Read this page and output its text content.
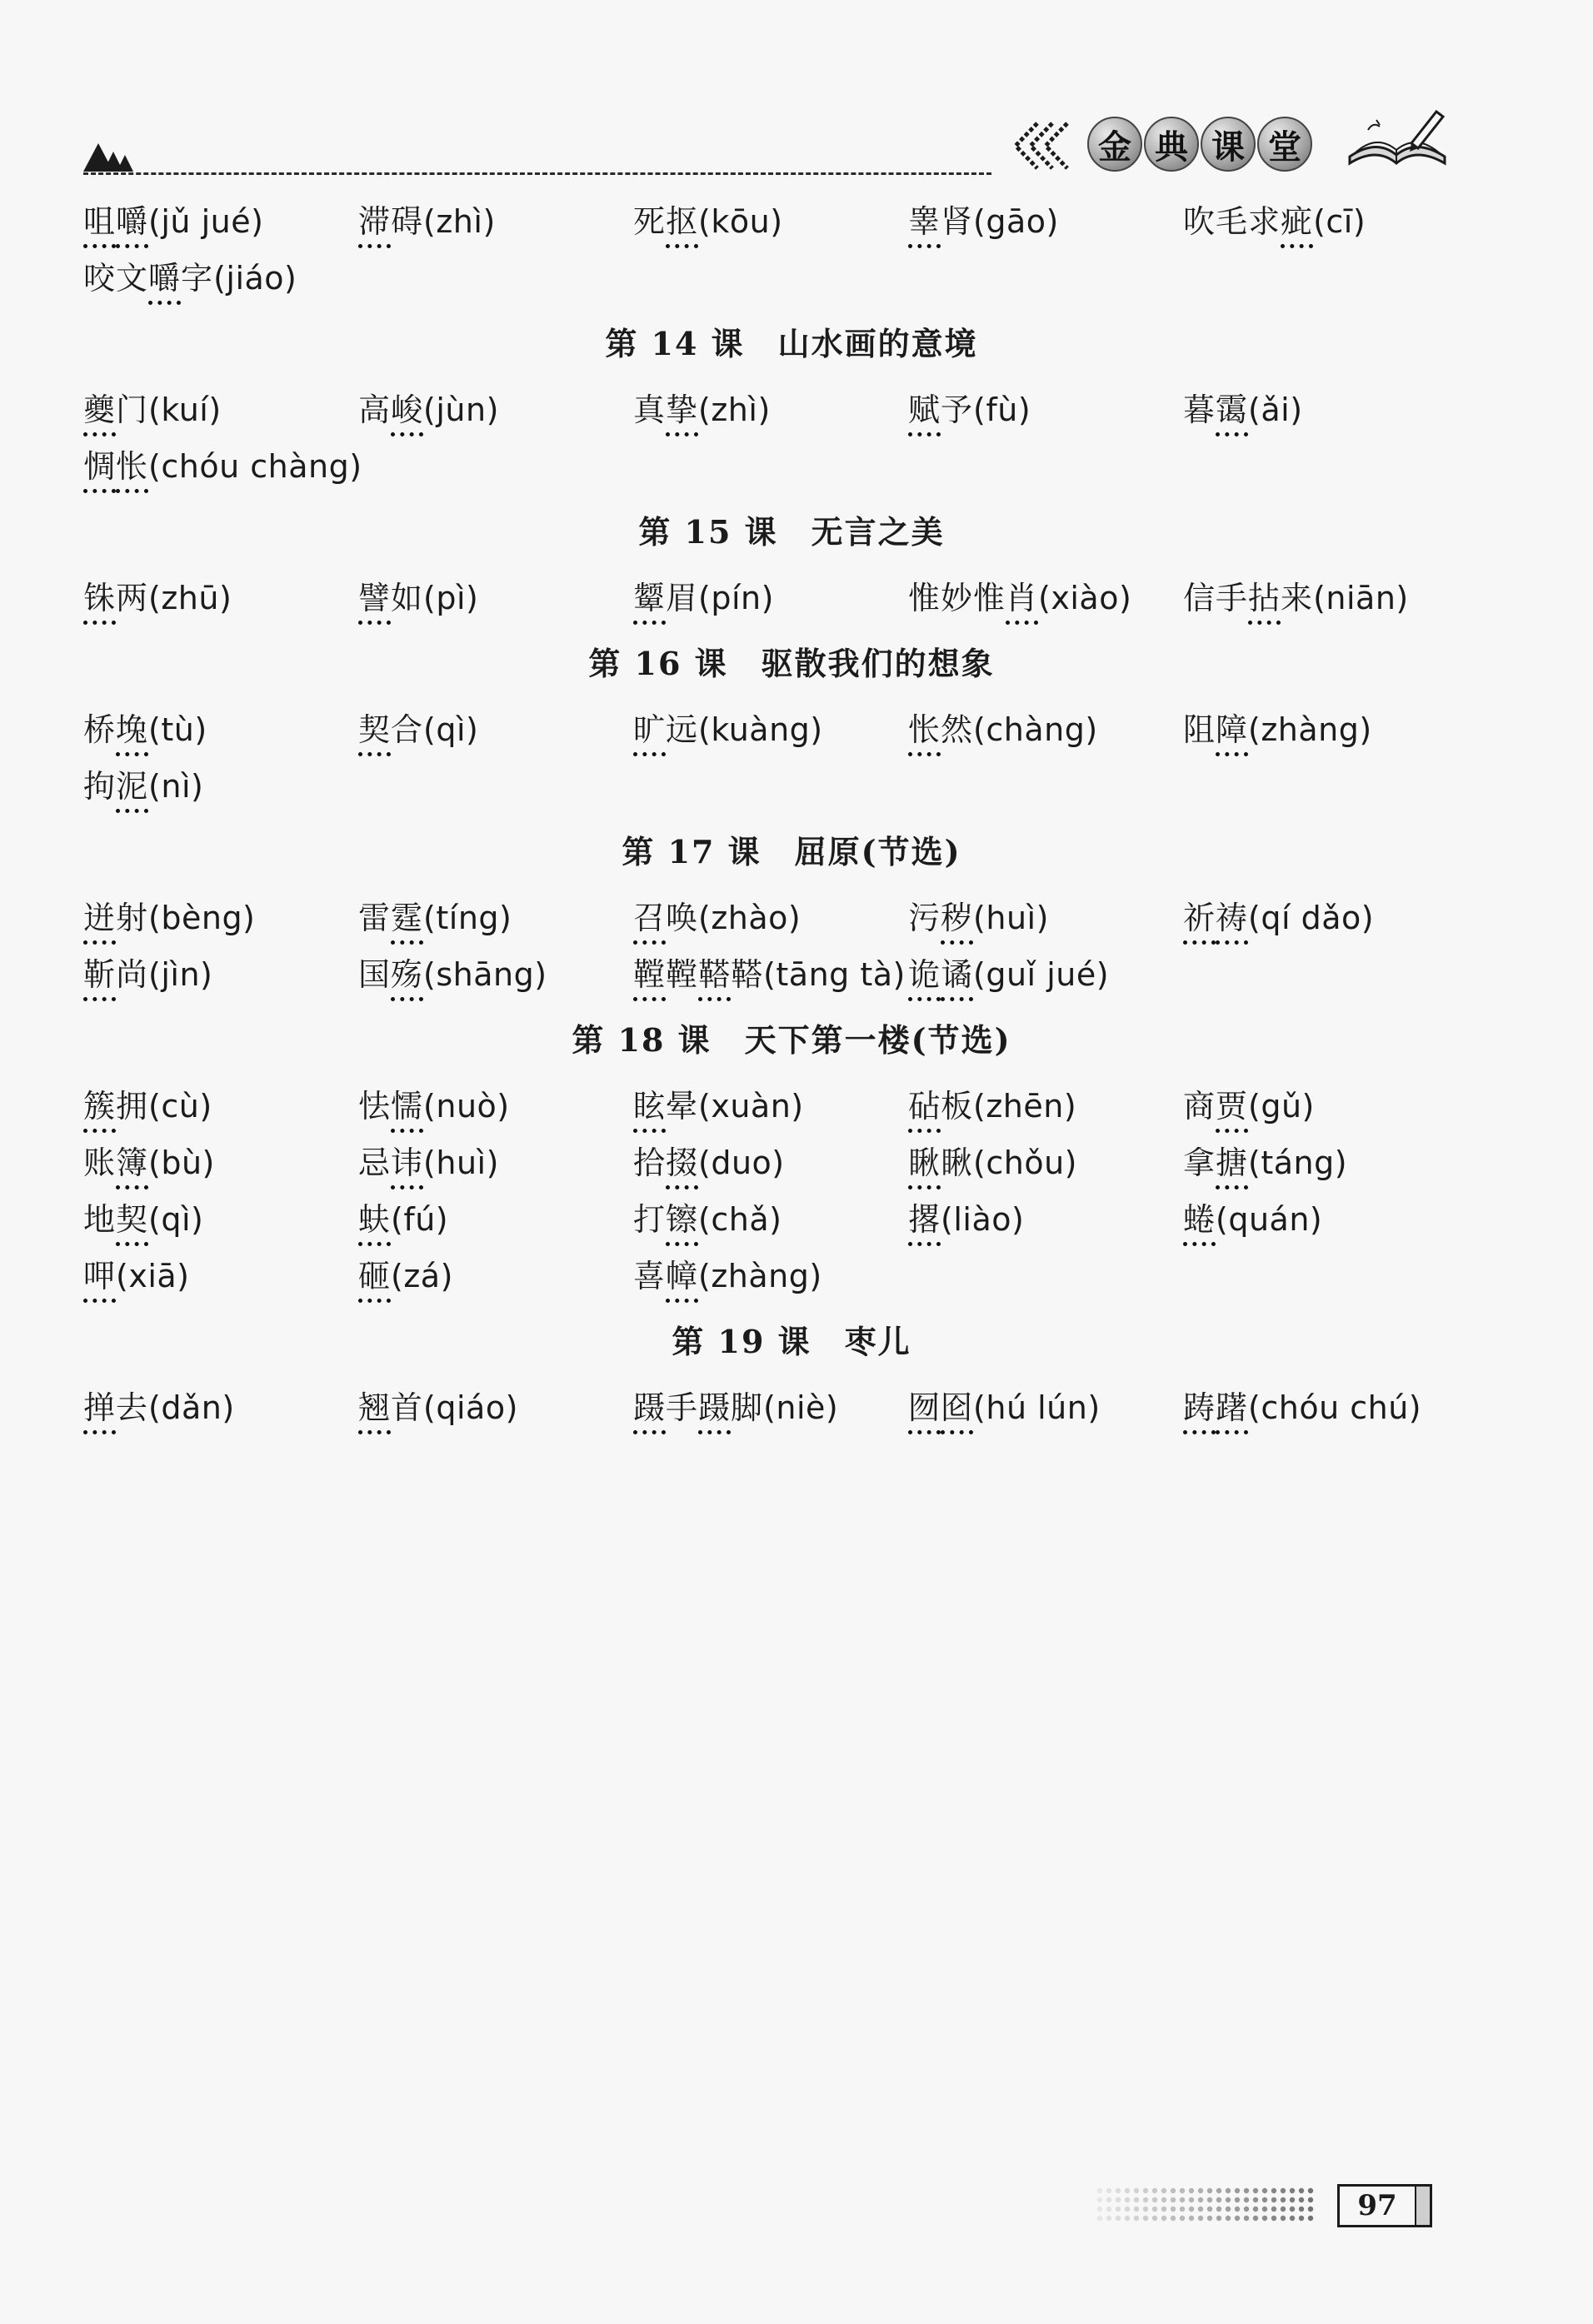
金 典 课 堂
咀嚼(jǔ jué)	滞碍(zhì)	死抠(kōu)	睾肾(gāo)	吹毛求疵(cī)
咬文嚼字(jiáo)
第 14 课　山水画的意境
夔门(kuí)	高峻(jùn)	真挚(zhì)	赋予(fù)	暮霭(ǎi)
惆怅(chóu chàng)
第 15 课　无言之美
铢两(zhū)	譬如(pì)	颦眉(pín)	惟妙惟肖(xiào)	信手拈来(niān)
第 16 课　驱散我们的想象
桥堍(tù)	契合(qì)	旷远(kuàng)	怅然(chàng)	阻障(zhàng)
拘泥(nì)
第 17 课　屈原(节选)
迸射(bèng)	雷霆(tíng)	召唤(zhào)	污秽(huì)	祈祷(qí dǎo)
靳尚(jìn)	国殇(shāng)	鞺鞺鞳鞳(tāng tà) 诡谲(guǐ jué)
第 18 课　天下第一楼(节选)
簇拥(cù)	怯懦(nuò)	眩晕(xuàn)	砧板(zhēn)	商贾(gǔ)
账簿(bù)	忌讳(huì)	拾掇(duo)	瞅瞅(chǒu)	拿搪(táng)
地契(qì)	蚨(fú)	打镲(chǎ)	撂(liào)	蜷(quán)
呷(xiā)	砸(zá)	喜幛(zhàng)
第 19 课　枣儿
掸去(dǎn)	翘首(qiáo)	蹑手蹑脚(niè)	囫囵(hú lún)	踌躇(chóu chú)
97
